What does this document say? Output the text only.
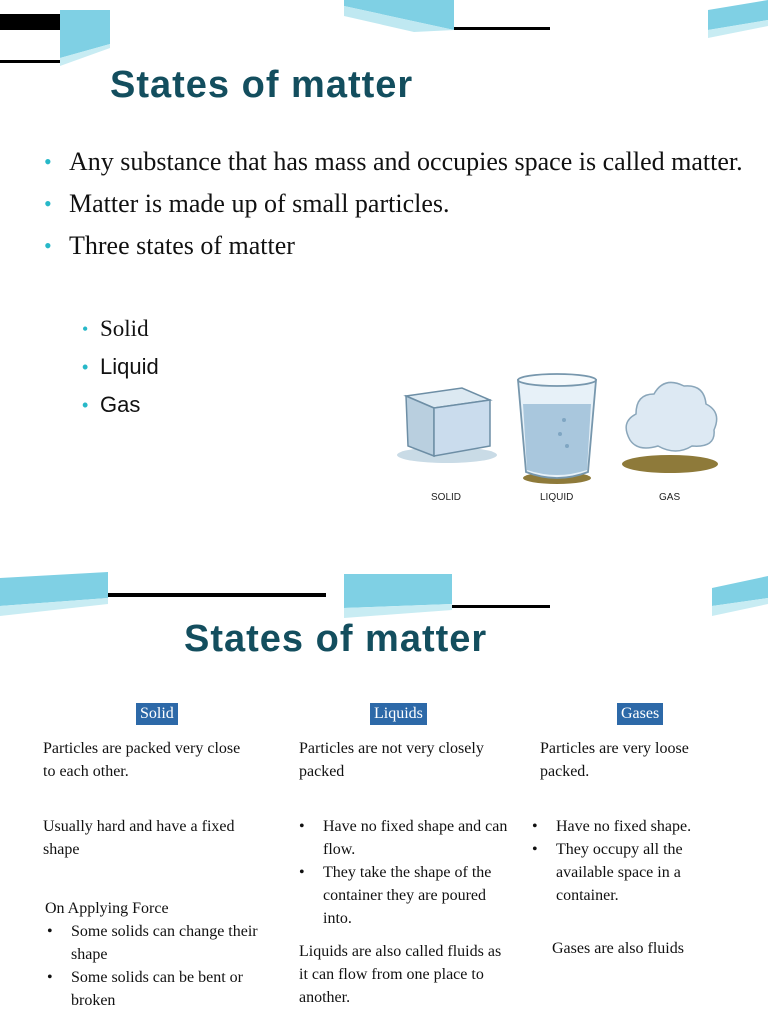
States of matter
• Any substance that has mass and occupies space is called matter.
• Matter is made up of small particles.
• Three states of matter
• Solid
• Liquid
• Gas
SOLID	LIQUID	GAS
States of matter
Solid	Liquids	Gases
Particles are packed very close to each other.
Usually hard and have a fixed shape

On Applying Force

• Some solids can change their shape
• Some solids can be bent or broken
Particles are not very closely packed
• Have no fixed shape and can flow.
• They take the shape of the container they are poured into.
Liquids are also called fluids as it can flow from one place to another.
Particles are very loose packed.
• Have no fixed shape.
• They occupy all the available space in a container.
Gases are also fluids
